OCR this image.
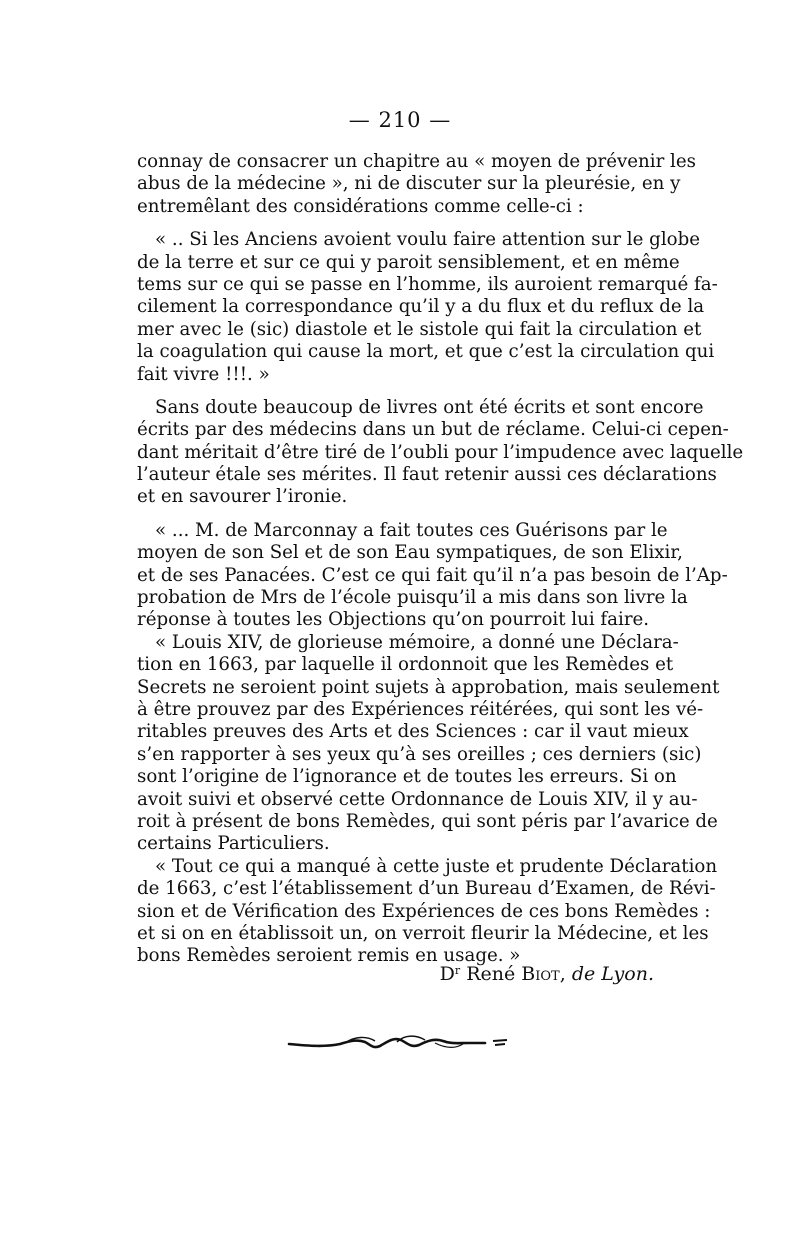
— 210 —
connay de consacrer un chapitre au « moyen de prévenir les
abus de la médecine », ni de discuter sur la pleurésie, en y
entremêlant des considérations comme celle-ci :
« .. Si les Anciens avoient voulu faire attention sur le globe
de la terre et sur ce qui y paroit sensiblement, et en même
tems sur ce qui se passe en l’homme, ils auroient remarqué fa-
cilement la correspondance qu’il y a du flux et du reflux de la
mer avec le (sic) diastole et le sistole qui fait la circulation et
la coagulation qui cause la mort, et que c’est la circulation qui
fait vivre !!!. »
Sans doute beaucoup de livres ont été écrits et sont encore
écrits par des médecins dans un but de réclame. Celui-ci cepen-
dant méritait d’être tiré de l’oubli pour l’impudence avec laquelle
l’auteur étale ses mérites. Il faut retenir aussi ces déclarations
et en savourer l’ironie.
« ... M. de Marconnay a fait toutes ces Guérisons par le
moyen de son Sel et de son Eau sympatiques, de son Elixir,
et de ses Panacées. C’est ce qui fait qu’il n’a pas besoin de l’Ap-
probation de Mrs de l’école puisqu’il a mis dans son livre la
réponse à toutes les Objections qu’on pourroit lui faire.
« Louis XIV, de glorieuse mémoire, a donné une Déclara-
tion en 1663, par laquelle il ordonnoit que les Remèdes et
Secrets ne seroient point sujets à approbation, mais seulement
à être prouvez par des Expériences réitérées, qui sont les vé-
ritables preuves des Arts et des Sciences : car il vaut mieux
s’en rapporter à ses yeux qu’à ses oreilles ; ces derniers (sic)
sont l’origine de l’ignorance et de toutes les erreurs. Si on
avoit suivi et observé cette Ordonnance de Louis XIV, il y au-
roit à présent de bons Remèdes, qui sont péris par l’avarice de
certains Particuliers.
« Tout ce qui a manqué à cette juste et prudente Déclaration
de 1663, c’est l’établissement d’un Bureau d’Examen, de Révi-
sion et de Vérification des Expériences de ces bons Remèdes :
et si on en établissoit un, on verroit fleurir la Médecine, et les
bons Remèdes seroient remis en usage. »
$D^r$ René Biot, de Lyon.
